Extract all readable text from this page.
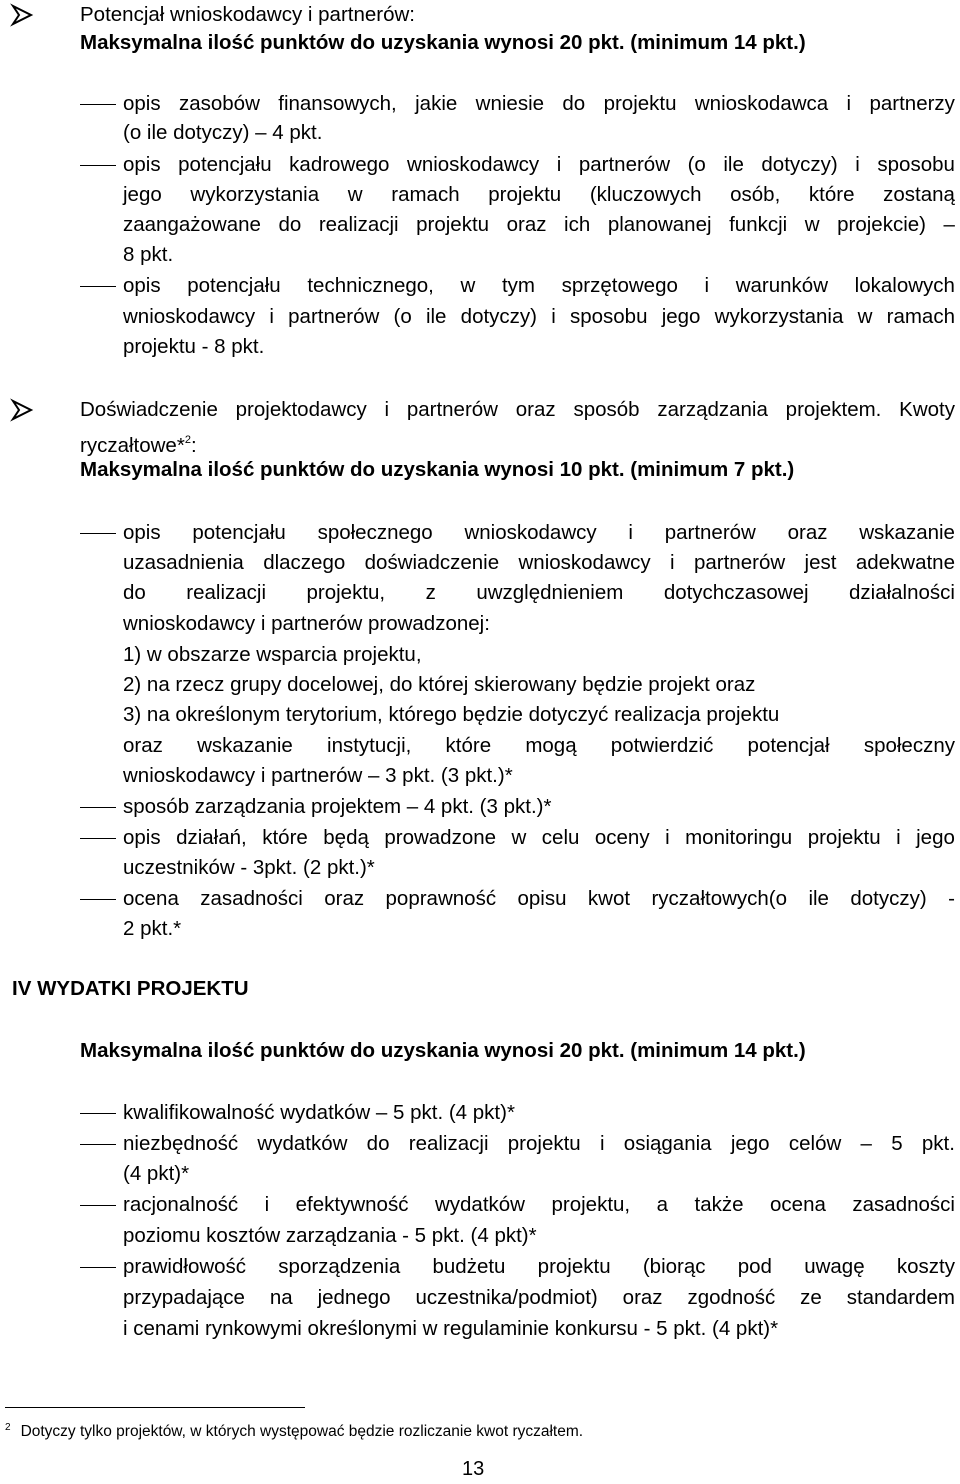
Potencjał wnioskodawcy i partnerów:
Maksymalna ilość punktów do uzyskania wynosi 20 pkt. (minimum 14 pkt.)
opis zasobów finansowych, jakie wniesie do projektu wnioskodawca i partnerzy
(o ile dotyczy) – 4 pkt.
opis potencjału kadrowego wnioskodawcy i partnerów (o ile dotyczy) i sposobu
jego wykorzystania w ramach projektu (kluczowych osób, które zostaną
zaangażowane do realizacji projektu oraz ich planowanej funkcji w projekcie) –
8 pkt.
opis potencjału technicznego, w tym sprzętowego i warunków lokalowych
wnioskodawcy i partnerów (o ile dotyczy) i sposobu jego wykorzystania w ramach
projektu - 8 pkt.
Doświadczenie projektodawcy i partnerów oraz sposób zarządzania projektem. Kwoty
ryczałtowe*$^2$:
Maksymalna ilość punktów do uzyskania wynosi 10 pkt. (minimum 7 pkt.)
opis potencjału społecznego wnioskodawcy i partnerów oraz wskazanie
uzasadnienia dlaczego doświadczenie wnioskodawcy i partnerów jest adekwatne
do realizacji projektu, z uwzględnieniem dotychczasowej działalności
wnioskodawcy i partnerów prowadzonej:
1) w obszarze wsparcia projektu,
2) na rzecz grupy docelowej, do której skierowany będzie projekt oraz
3) na określonym terytorium, którego będzie dotyczyć realizacja projektu
oraz wskazanie instytucji, które mogą potwierdzić potencjał społeczny
wnioskodawcy i partnerów – 3 pkt. (3 pkt.)*
sposób zarządzania projektem – 4 pkt. (3 pkt.)*
opis działań, które będą prowadzone w celu oceny i monitoringu projektu i jego
uczestników - 3pkt. (2 pkt.)*
ocena zasadności oraz poprawność opisu kwot ryczałtowych(o ile dotyczy) -
2 pkt.*
IV WYDATKI PROJEKTU
Maksymalna ilość punktów do uzyskania wynosi 20 pkt. (minimum 14 pkt.)
kwalifikowalność wydatków – 5 pkt. (4 pkt)*
niezbędność wydatków do realizacji projektu i osiągania jego celów – 5 pkt.
(4 pkt)*
racjonalność i efektywność wydatków projektu, a także ocena zasadności
poziomu kosztów zarządzania - 5 pkt. (4 pkt)*
prawidłowość sporządzenia budżetu projektu (biorąc pod uwagę koszty
przypadające na jednego uczestnika/podmiot) oraz zgodność ze standardem
i cenami rynkowymi określonymi w regulaminie konkursu - 5 pkt. (4 pkt)*
$^2$ Dotyczy tylko projektów, w których występować będzie rozliczanie kwot ryczałtem.
13
